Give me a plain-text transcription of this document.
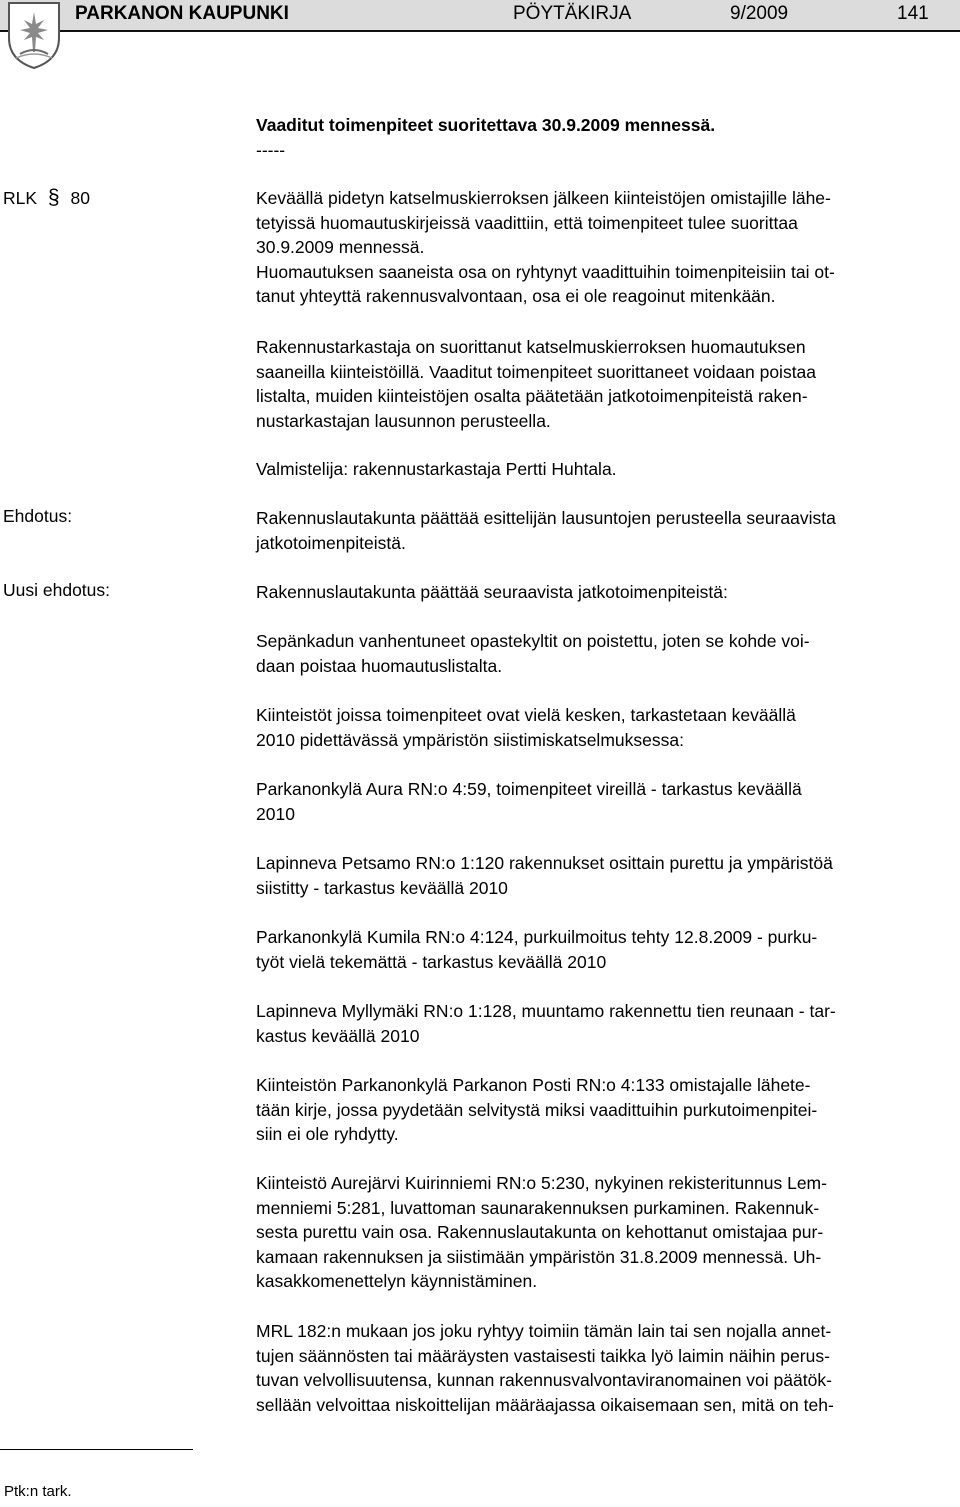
PARKANON KAUPUNKI	PÖYTÄKIRJA	9/2009	141

Vaaditut toimenpiteet suoritettava 30.9.2009 mennessä.

-----

RLK § 80
Ehdotus:
Uusi ehdotus:

Keväällä pidetyn katselmuskierroksen jälkeen kiinteistöjen omistajille lähe-

tetyissä huomautuskirjeissä vaadittiin, että toimenpiteet tulee suorittaa

30.9.2009 mennessä.

Huomautuksen saaneista osa on ryhtynyt vaadittuihin toimenpiteisiin tai ot-

tanut yhteyttä rakennusvalvontaan, osa ei ole reagoinut mitenkään.

Rakennustarkastaja on suorittanut katselmuskierroksen huomautuksen

saaneilla kiinteistöillä. Vaaditut toimenpiteet suorittaneet voidaan poistaa

listalta, muiden kiinteistöjen osalta päätetään jatkotoimenpiteistä raken-

nustarkastajan lausunnon perusteella.

Valmistelija: rakennustarkastaja Pertti Huhtala.

Rakennuslautakunta päättää esittelijän lausuntojen perusteella seuraavista

jatkotoimenpiteistä.

Rakennuslautakunta päättää seuraavista jatkotoimenpiteistä:

Sepänkadun vanhentuneet opastekyltit on poistettu, joten se kohde voi-

daan poistaa huomautuslistalta.

Kiinteistöt joissa toimenpiteet ovat vielä kesken, tarkastetaan keväällä

2010 pidettävässä ympäristön siistimiskatselmuksessa:

Parkanonkylä Aura RN:o 4:59, toimenpiteet vireillä - tarkastus keväällä

2010

Lapinneva Petsamo RN:o 1:120 rakennukset osittain purettu ja ympäristöä

siistitty - tarkastus keväällä 2010

Parkanonkylä Kumila RN:o 4:124, purkuilmoitus tehty 12.8.2009 - purku-

työt vielä tekemättä - tarkastus keväällä 2010

Lapinneva Myllymäki RN:o 1:128, muuntamo rakennettu tien reunaan - tar-

kastus keväällä 2010

Kiinteistön Parkanonkylä Parkanon Posti RN:o 4:133 omistajalle lähete-

tään kirje, jossa pyydetään selvitystä miksi vaadittuihin purkutoimenpitei-

siin ei ole ryhdytty.

Kiinteistö Aurejärvi Kuirinniemi RN:o 5:230, nykyinen rekisteritunnus Lem-

menniemi 5:281, luvattoman saunarakennuksen purkaminen. Rakennuk-

sesta purettu vain osa. Rakennuslautakunta on kehottanut omistajaa pur-

kamaan rakennuksen ja siistimään ympäristön 31.8.2009 mennessä. Uh-

kasakkomenettelyn käynnistäminen.

MRL 182:n mukaan jos joku ryhtyy toimiin tämän lain tai sen nojalla annet-

tujen säännösten tai määräysten vastaisesti taikka lyö laimin näihin perus-

tuvan velvollisuutensa, kunnan rakennusvalvontaviranomainen voi päätök-

sellään velvoittaa niskoittelijan määräajassa oikaisemaan sen, mitä on teh-

Ptk:n tark.
